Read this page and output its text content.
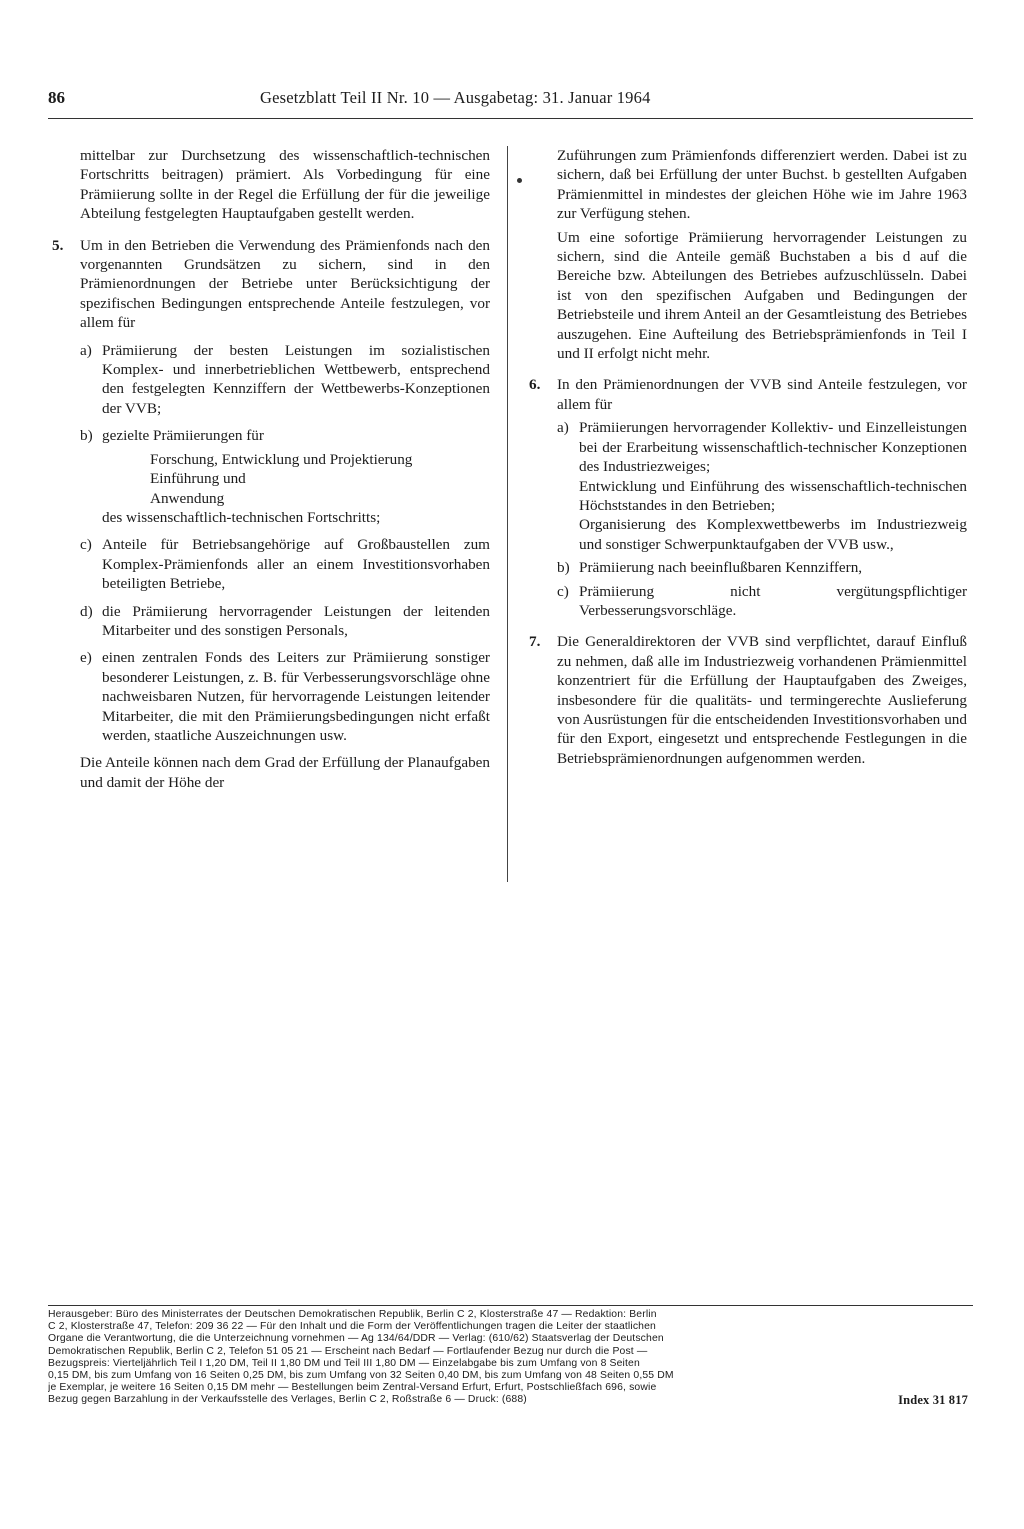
86	Gesetzblatt Teil II Nr. 10 — Ausgabetag: 31. Januar 1964

mittelbar zur Durchsetzung des wissenschaftlich-technischen Fortschritts beitragen) prämiert. Als Vorbedingung für eine Prämiierung sollte in der Regel die Erfüllung der für die jeweilige Abteilung festgelegten Hauptaufgaben gestellt werden.

5. Um in den Betrieben die Verwendung des Prämienfonds nach den vorgenannten Grundsätzen zu sichern, sind in den Prämienordnungen der Betriebe unter Berücksichtigung der spezifischen Bedingungen entsprechende Anteile festzulegen, vor allem für

a) Prämiierung der besten Leistungen im sozialistischen Komplex- und innerbetrieblichen Wettbewerb, entsprechend den festgelegten Kennziffern der Wettbewerbs-Konzeptionen der VVB;

b) gezielte Prämiierungen für

Forschung, Entwicklung und Projektierung
Einführung und
Anwendung
des wissenschaftlich-technischen Fortschritts;
c) Anteile für Betriebsangehörige auf Großbaustellen zum Komplex-Prämienfonds aller an einem Investitionsvorhaben beteiligten Betriebe,

d) die Prämiierung hervorragender Leistungen der leitenden Mitarbeiter und des sonstigen Personals,

e) einen zentralen Fonds des Leiters zur Prämiierung sonstiger besonderer Leistungen, z. B. für Verbesserungsvorschläge ohne nachweisbaren Nutzen, für hervorragende Leistungen leitender Mitarbeiter, die mit den Prämiierungsbedingungen nicht erfaßt werden, staatliche Auszeichnungen usw.

Die Anteile können nach dem Grad der Erfüllung der Planaufgaben und damit der Höhe der

Zuführungen zum Prämienfonds differenziert werden. Dabei ist zu sichern, daß bei Erfüllung der unter Buchst. b gestellten Aufgaben Prämienmittel in mindestes der gleichen Höhe wie im Jahre 1963 zur Verfügung stehen.

Um eine sofortige Prämiierung hervorragender Leistungen zu sichern, sind die Anteile gemäß Buchstaben a bis d auf die Bereiche bzw. Abteilungen des Betriebes aufzuschlüsseln. Dabei ist von den spezifischen Aufgaben und Bedingungen der Betriebsteile und ihrem Anteil an der Gesamtleistung des Betriebes auszugehen. Eine Aufteilung des Betriebsprämienfonds in Teil I und II erfolgt nicht mehr.

6. In den Prämienordnungen der VVB sind Anteile festzulegen, vor allem für

a) Prämiierungen hervorragender Kollektiv- und Einzelleistungen bei der Erarbeitung wissenschaftlich-technischer Konzeptionen des Industriezweiges;

Entwicklung und Einführung des wissenschaftlich-technischen Höchststandes in den Betrieben;

Organisierung des Komplexwettbewerbs im Industriezweig und sonstiger Schwerpunktaufgaben der VVB usw.,

b) Prämiierung nach beeinflußbaren Kennziffern,

c) Prämiierung nicht vergütungspflichtiger Verbesserungsvorschläge.

7. Die Generaldirektoren der VVB sind verpflichtet, darauf Einfluß zu nehmen, daß alle im Industriezweig vorhandenen Prämienmittel konzentriert für die Erfüllung der Hauptaufgaben des Zweiges, insbesondere für die qualitäts- und termingerechte Auslieferung von Ausrüstungen für die entscheidenden Investitionsvorhaben und für den Export, eingesetzt und entsprechende Festlegungen in die Betriebsprämienordnungen aufgenommen werden.

Herausgeber: Büro des Ministerrates der Deutschen Demokratischen Republik, Berlin C 2, Klosterstraße 47 — Redaktion: Berlin
C 2, Klosterstraße 47, Telefon: 209 36 22 — Für den Inhalt und die Form der Veröffentlichungen tragen die Leiter der staatlichen
Organe die Verantwortung, die die Unterzeichnung vornehmen — Ag 134/64/DDR — Verlag: (610/62) Staatsverlag der Deutschen
Demokratischen Republik, Berlin C 2, Telefon 51 05 21 — Erscheint nach Bedarf — Fortlaufender Bezug nur durch die Post —
Bezugspreis: Vierteljährlich Teil I 1,20 DM, Teil II 1,80 DM und Teil III 1,80 DM — Einzelabgabe bis zum Umfang von 8 Seiten
0,15 DM, bis zum Umfang von 16 Seiten 0,25 DM, bis zum Umfang von 32 Seiten 0,40 DM, bis zum Umfang von 48 Seiten 0,55 DM
je Exemplar, je weitere 16 Seiten 0,15 DM mehr — Bestellungen beim Zentral-Versand Erfurt, Erfurt, Postschließfach 696, sowie
Bezug gegen Barzahlung in der Verkaufsstelle des Verlages, Berlin C 2, Roßstraße 6 — Druck: (688)	Index 31 817
